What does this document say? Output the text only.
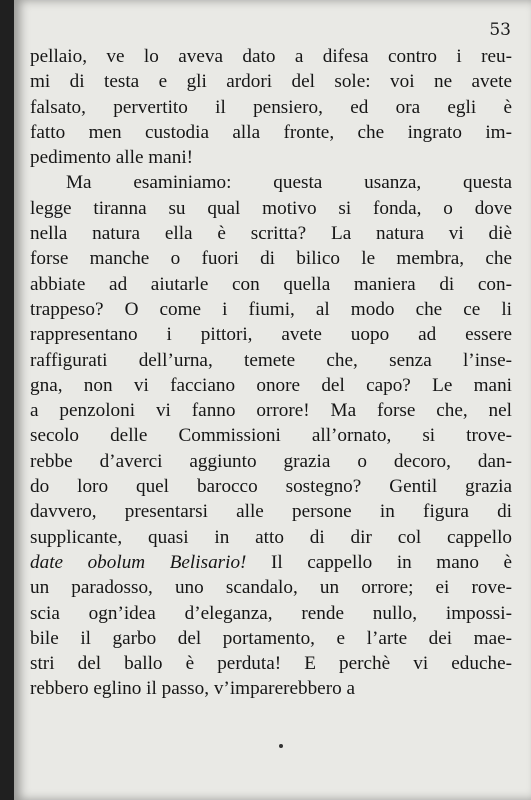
53
pellaio, ve lo aveva dato a difesa contro i reu-
mi di testa e gli ardori del sole: voi ne avete
falsato, pervertito il pensiero, ed ora egli è
fatto men custodia alla fronte, che ingrato im-
pedimento alle mani!
Ma esaminiamo: questa usanza, questa
legge tiranna su qual motivo si fonda, o dove
nella natura ella è scritta? La natura vi diè
forse manche o fuori di bilico le membra, che
abbiate ad aiutarle con quella maniera di con-
trappeso? O come i fiumi, al modo che ce li
rappresentano i pittori, avete uopo ad essere
raffigurati dell’urna, temete che, senza l’inse-
gna, non vi facciano onore del capo? Le mani
a penzoloni vi fanno orrore! Ma forse che, nel
secolo delle Commissioni all’ornato, si trove-
rebbe d’averci aggiunto grazia o decoro, dan-
do loro quel barocco sostegno? Gentil grazia
davvero, presentarsi alle persone in figura di
supplicante, quasi in atto di dir col cappello
date obolum Belisario! Il cappello in mano è
un paradosso, uno scandalo, un orrore; ei rove-
scia ogn’idea d’eleganza, rende nullo, impossi-
bile il garbo del portamento, e l’arte dei mae-
stri del ballo è perduta! E perchè vi eduche-
rebbero eglino il passo, v’imparerebbero a
